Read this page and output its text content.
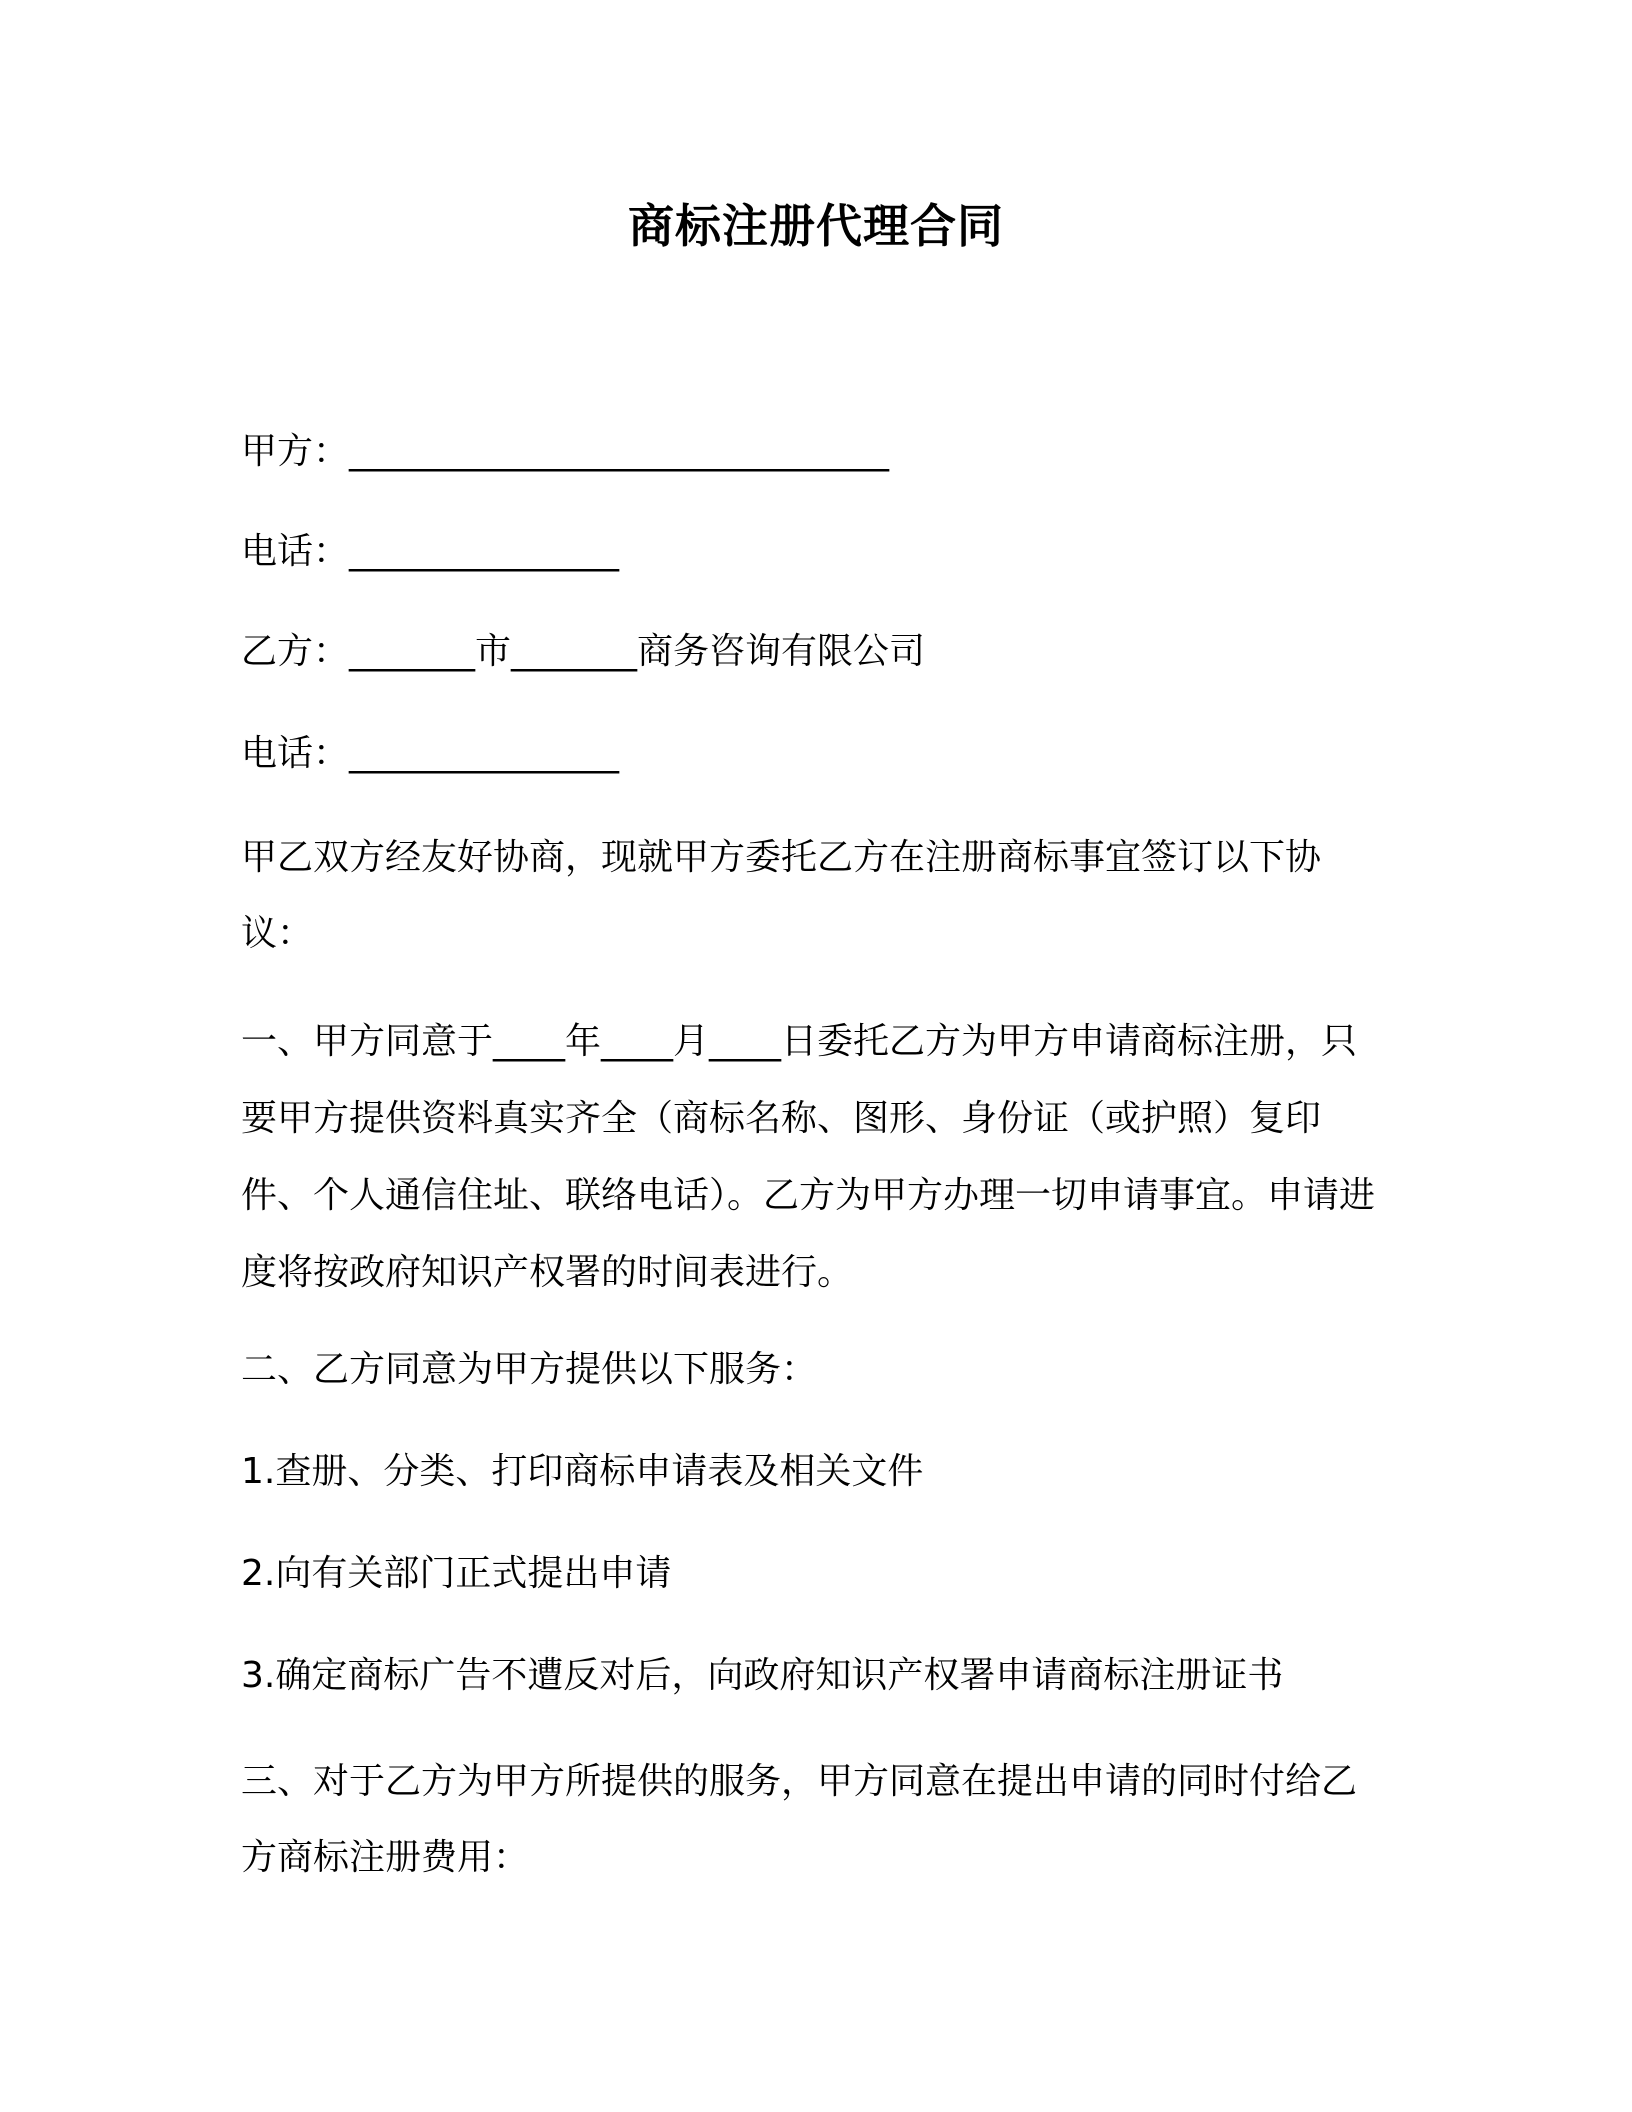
商标注册代理合同
甲方：______________________________
电话：_______________
乙方：_______市_______商务咨询有限公司
电话：_______________
甲乙双方经友好协商，现就甲方委托乙方在注册商标事宜签订以下协议：
一、甲方同意于____年____月____日委托乙方为甲方申请商标注册，只要甲方提供资料真实齐全（商标名称、图形、身份证（或护照）复印件、个人通信住址、联络电话）。乙方为甲方办理一切申请事宜。申请进度将按政府知识产权署的时间表进行。
二、乙方同意为甲方提供以下服务：
1.查册、分类、打印商标申请表及相关文件
2.向有关部门正式提出申请
3.确定商标广告不遭反对后，向政府知识产权署申请商标注册证书
三、对于乙方为甲方所提供的服务，甲方同意在提出申请的同时付给乙方商标注册费用：
